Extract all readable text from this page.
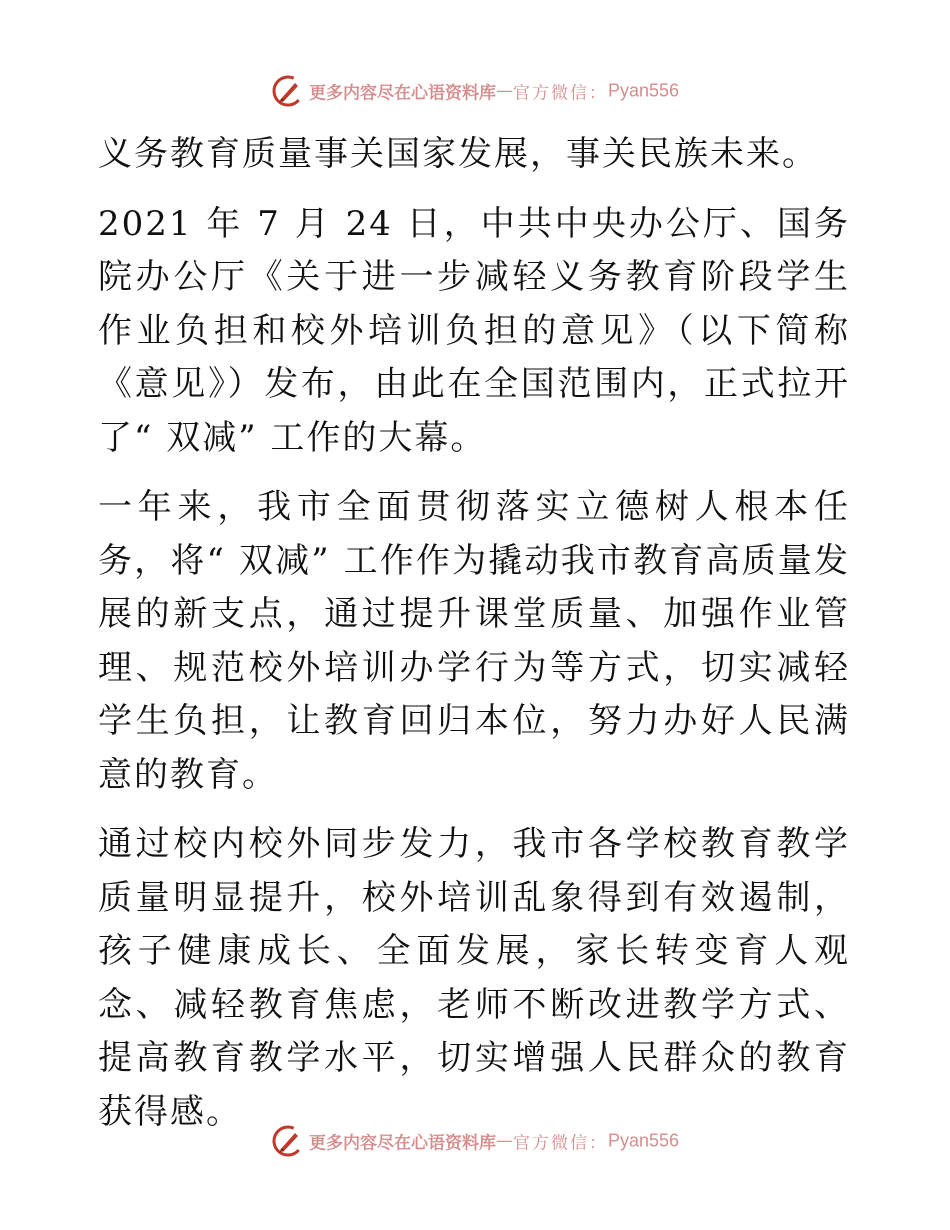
更多内容尽在心语资料库—官方微信：Pyan556

义务教育质量事关国家发展，事关民族未来。

2021 年 7 月 24 日，中共中央办公厅、国务院办公厅《关于进一步减轻义务教育阶段学生作业负担和校外培训负担的意见》（以下简称《意见》）发布，由此在全国范围内，正式拉开了“ 双减” 工作的大幕。

一年来，我市全面贯彻落实立德树人根本任务，将“ 双减” 工作作为撬动我市教育高质量发展的新支点，通过提升课堂质量、加强作业管理、规范校外培训办学行为等方式，切实减轻学生负担，让教育回归本位，努力办好人民满意的教育。

通过校内校外同步发力，我市各学校教育教学质量明显提升，校外培训乱象得到有效遏制，孩子健康成长、全面发展，家长转变育人观念、减轻教育焦虑，老师不断改进教学方式、提高教育教学水平，切实增强人民群众的教育获得感。

更多内容尽在心语资料库—官方微信：Pyan556
